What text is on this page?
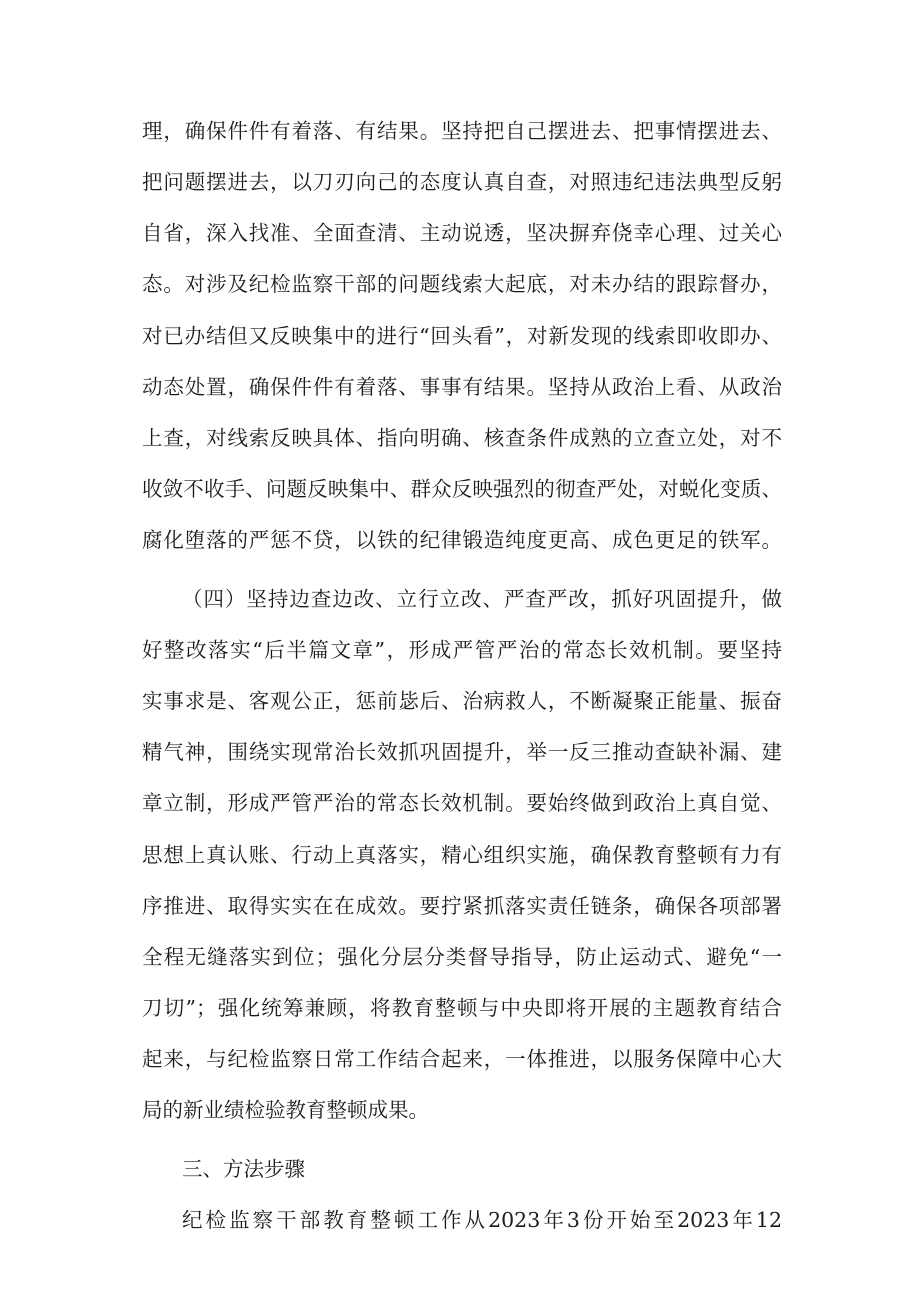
理，确保件件有着落、有结果。坚持把自己摆进去、把事情摆进去、
把问题摆进去，以刀刃向己的态度认真自查，对照违纪违法典型反躬
自省，深入找准、全面查清、主动说透，坚决摒弃侥幸心理、过关心
态。对涉及纪检监察干部的问题线索大起底，对未办结的跟踪督办，
对已办结但又反映集中的进行“回头看”，对新发现的线索即收即办、
动态处置，确保件件有着落、事事有结果。坚持从政治上看、从政治
上查，对线索反映具体、指向明确、核查条件成熟的立查立处，对不
收敛不收手、问题反映集中、群众反映强烈的彻查严处，对蜕化变质、
腐化堕落的严惩不贷，以铁的纪律锻造纯度更高、成色更足的铁军。
（四）坚持边查边改、立行立改、严查严改，抓好巩固提升，做
好整改落实“后半篇文章”，形成严管严治的常态长效机制。要坚持
实事求是、客观公正，惩前毖后、治病救人，不断凝聚正能量、振奋
精气神，围绕实现常治长效抓巩固提升，举一反三推动查缺补漏、建
章立制，形成严管严治的常态长效机制。要始终做到政治上真自觉、
思想上真认账、行动上真落实，精心组织实施，确保教育整顿有力有
序推进、取得实实在在成效。要拧紧抓落实责任链条，确保各项部署
全程无缝落实到位；强化分层分类督导指导，防止运动式、避免“一
刀切”；强化统筹兼顾，将教育整顿与中央即将开展的主题教育结合
起来，与纪检监察日常工作结合起来，一体推进，以服务保障中心大
局的新业绩检验教育整顿成果。
三、方法步骤
纪检监察干部教育整顿工作从2023年3份开始至2023年12
